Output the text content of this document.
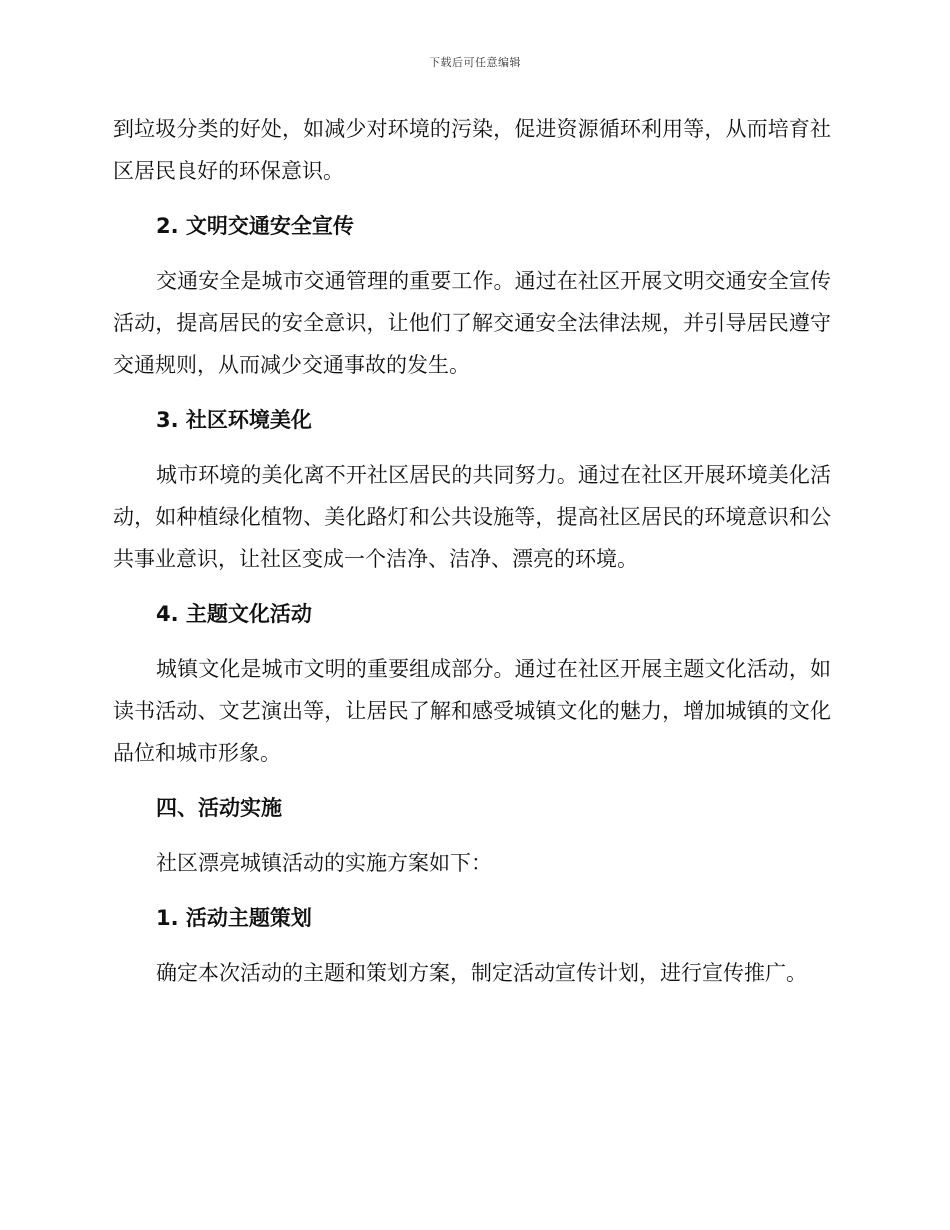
下载后可任意编辑

到垃圾分类的好处，如减少对环境的污染，促进资源循环利用等，从而培育社区居民良好的环保意识。

2. 文明交通安全宣传

交通安全是城市交通管理的重要工作。通过在社区开展文明交通安全宣传活动，提高居民的安全意识，让他们了解交通安全法律法规，并引导居民遵守交通规则，从而减少交通事故的发生。

3. 社区环境美化

城市环境的美化离不开社区居民的共同努力。通过在社区开展环境美化活动，如种植绿化植物、美化路灯和公共设施等，提高社区居民的环境意识和公共事业意识，让社区变成一个洁净、洁净、漂亮的环境。

4. 主题文化活动

城镇文化是城市文明的重要组成部分。通过在社区开展主题文化活动，如读书活动、文艺演出等，让居民了解和感受城镇文化的魅力，增加城镇的文化品位和城市形象。

四、活动实施

社区漂亮城镇活动的实施方案如下：

1. 活动主题策划

确定本次活动的主题和策划方案，制定活动宣传计划，进行宣传推广。
